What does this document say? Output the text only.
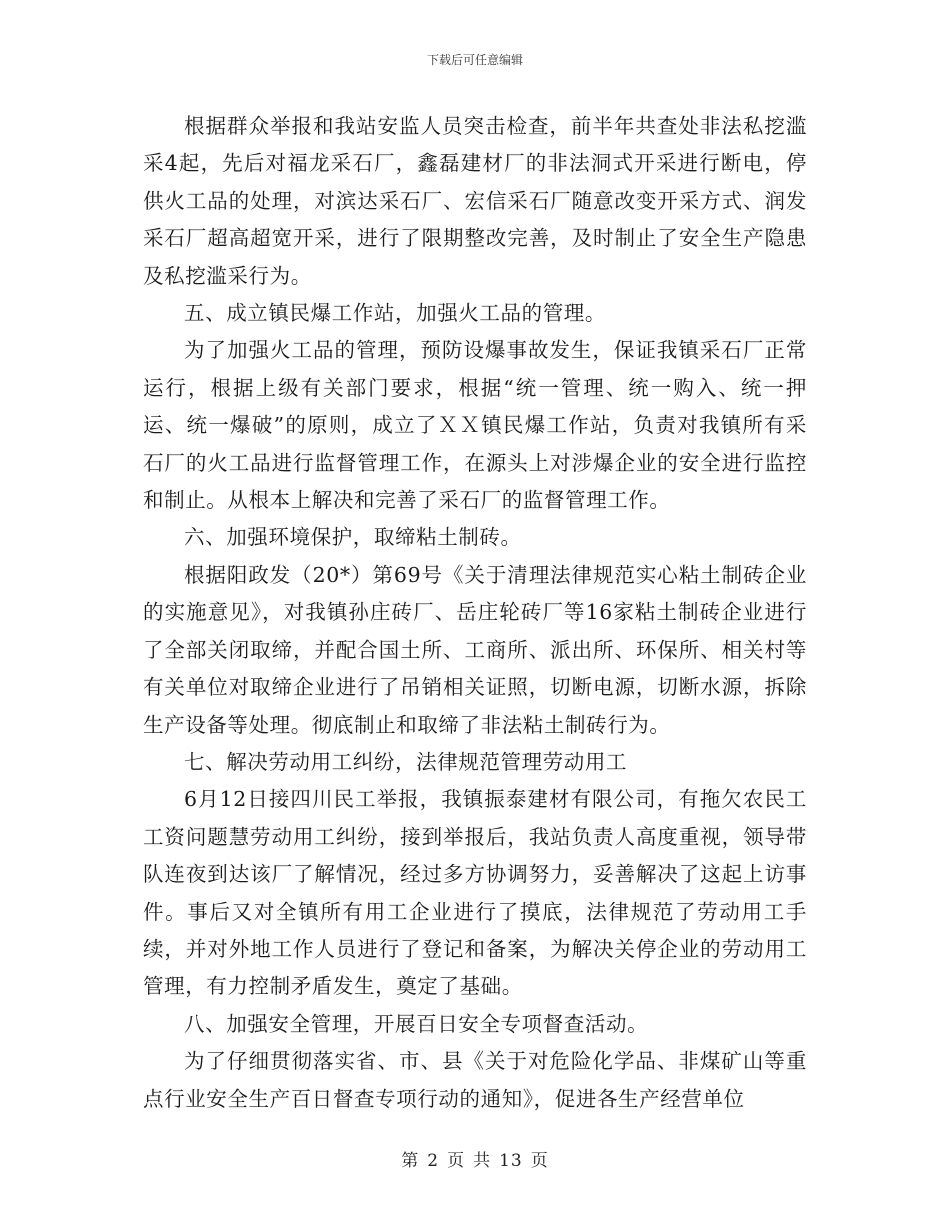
下载后可任意编辑

根据群众举报和我站安监人员突击检查，前半年共查处非法私挖滥采4起，先后对福龙采石厂，鑫磊建材厂的非法洞式开采进行断电，停供火工品的处理，对滨达采石厂、宏信采石厂随意改变开采方式、润发采石厂超高超宽开采，进行了限期整改完善，及时制止了安全生产隐患及私挖滥采行为。

五、成立镇民爆工作站，加强火工品的管理。

为了加强火工品的管理，预防设爆事故发生，保证我镇采石厂正常运行，根据上级有关部门要求，根据“统一管理、统一购入、统一押运、统一爆破”的原则，成立了ＸＸ镇民爆工作站，负责对我镇所有采石厂的火工品进行监督管理工作，在源头上对涉爆企业的安全进行监控和制止。从根本上解决和完善了采石厂的监督管理工作。

六、加强环境保护，取缔粘土制砖。

根据阳政发（20*）第69号《关于清理法律规范实心粘土制砖企业的实施意见》，对我镇孙庄砖厂、岳庄轮砖厂等16家粘土制砖企业进行了全部关闭取缔，并配合国土所、工商所、派出所、环保所、相关村等有关单位对取缔企业进行了吊销相关证照，切断电源，切断水源，拆除生产设备等处理。彻底制止和取缔了非法粘土制砖行为。

七、解决劳动用工纠纷，法律规范管理劳动用工

6月12日接四川民工举报，我镇振泰建材有限公司，有拖欠农民工工资问题慧劳动用工纠纷，接到举报后，我站负责人高度重视，领导带队连夜到达该厂了解情况，经过多方协调努力，妥善解决了这起上访事件。事后又对全镇所有用工企业进行了摸底，法律规范了劳动用工手续，并对外地工作人员进行了登记和备案，为解决关停企业的劳动用工管理，有力控制矛盾发生，奠定了基础。

八、加强安全管理，开展百日安全专项督查活动。

为了仔细贯彻落实省、市、县《关于对危险化学品、非煤矿山等重点行业安全生产百日督查专项行动的通知》，促进各生产经营单位

第 2 页 共 13 页
